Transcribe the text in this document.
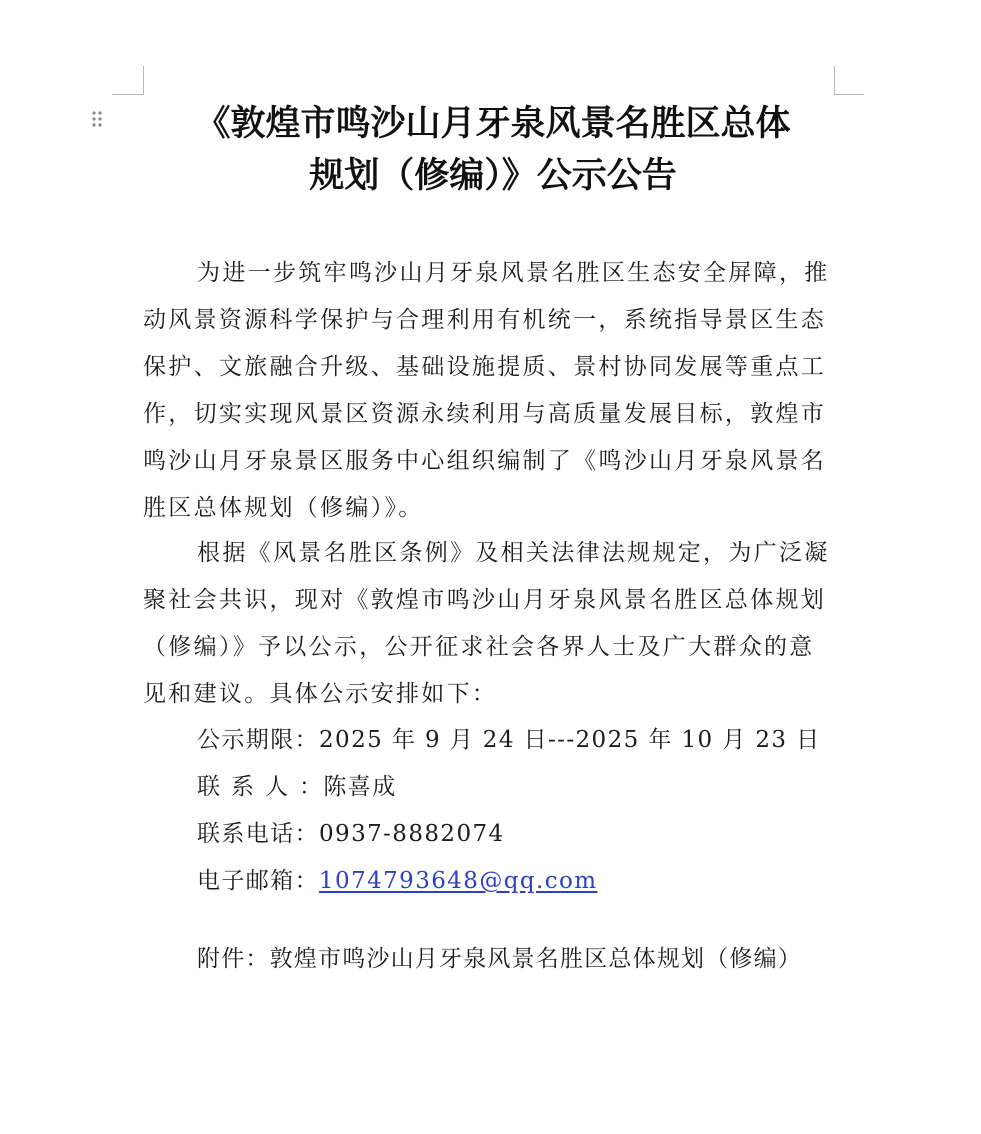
《敦煌市鸣沙山月牙泉风景名胜区总体
规划（修编）》公示公告

为进一步筑牢鸣沙山月牙泉风景名胜区生态安全屏障，推动风景资源科学保护与合理利用有机统一，系统指导景区生态保护、文旅融合升级、基础设施提质、景村协同发展等重点工作，切实实现风景区资源永续利用与高质量发展目标，敦煌市鸣沙山月牙泉景区服务中心组织编制了《鸣沙山月牙泉风景名胜区总体规划（修编）》。

根据《风景名胜区条例》及相关法律法规规定，为广泛凝聚社会共识，现对《敦煌市鸣沙山月牙泉风景名胜区总体规划（修编）》予以公示，公开征求社会各界人士及广大群众的意见和建议。具体公示安排如下：

公示期限：2025 年 9 月 24 日---2025 年 10 月 23 日
联系人：陈喜成
联系电话：0937-8882074
电子邮箱：1074793648@qq.com
附件：敦煌市鸣沙山月牙泉风景名胜区总体规划（修编）
